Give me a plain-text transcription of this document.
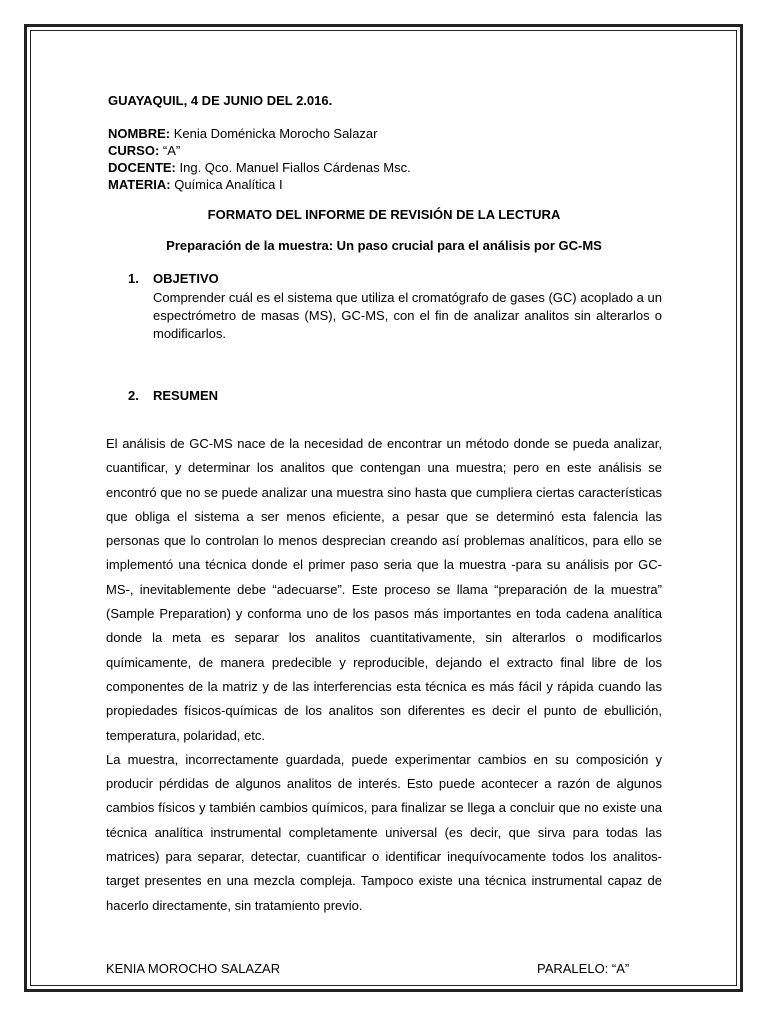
GUAYAQUIL, 4 DE JUNIO DEL 2.016.
NOMBRE: Kenia Doménicka Morocho Salazar
CURSO: “A”
DOCENTE: Ing. Qco. Manuel Fiallos Cárdenas Msc.
MATERIA: Química Analítica I
FORMATO DEL INFORME DE REVISIÓN DE LA LECTURA
Preparación de la muestra: Un paso crucial para el análisis por GC-MS
1. OBJETIVO
Comprender cuál es el sistema que utiliza el cromatógrafo de gases (GC) acoplado a un espectrómetro de masas (MS), GC-MS, con el fin de analizar analitos sin alterarlos o modificarlos.
2. RESUMEN

El análisis de GC-MS nace de la necesidad de encontrar un método donde se pueda analizar, cuantificar, y determinar los analitos que contengan una muestra; pero en este análisis se encontró que no se puede analizar una muestra sino hasta que cumpliera ciertas características que obliga el sistema a ser menos eficiente, a pesar que se determinó esta falencia las personas que lo controlan lo menos desprecian creando así problemas analíticos, para ello se implementó una técnica donde el primer paso seria que la muestra -para su análisis por GC-MS-, inevitablemente debe “adecuarse”. Este proceso se llama “preparación de la muestra” (Sample Preparation) y conforma uno de los pasos más importantes en toda cadena analítica donde la meta es separar los analitos cuantitativamente, sin alterarlos o modificarlos químicamente, de manera predecible y reproducible, dejando el extracto final libre de los componentes de la matriz y de las interferencias esta técnica es más fácil y rápida cuando las propiedades físicos-químicas de los analitos son diferentes es decir el punto de ebullición, temperatura, polaridad, etc.

La muestra, incorrectamente guardada, puede experimentar cambios en su composición y producir pérdidas de algunos analitos de interés. Esto puede acontecer a razón de algunos cambios físicos y también cambios químicos, para finalizar se llega a concluir que no existe una técnica analítica instrumental completamente universal (es decir, que sirva para todas las matrices) para separar, detectar, cuantificar o identificar inequívocamente todos los analitos-target presentes en una mezcla compleja. Tampoco existe una técnica instrumental capaz de hacerlo directamente, sin tratamiento previo.

KENIA MOROCHO SALAZAR	PARALELO: “A”
